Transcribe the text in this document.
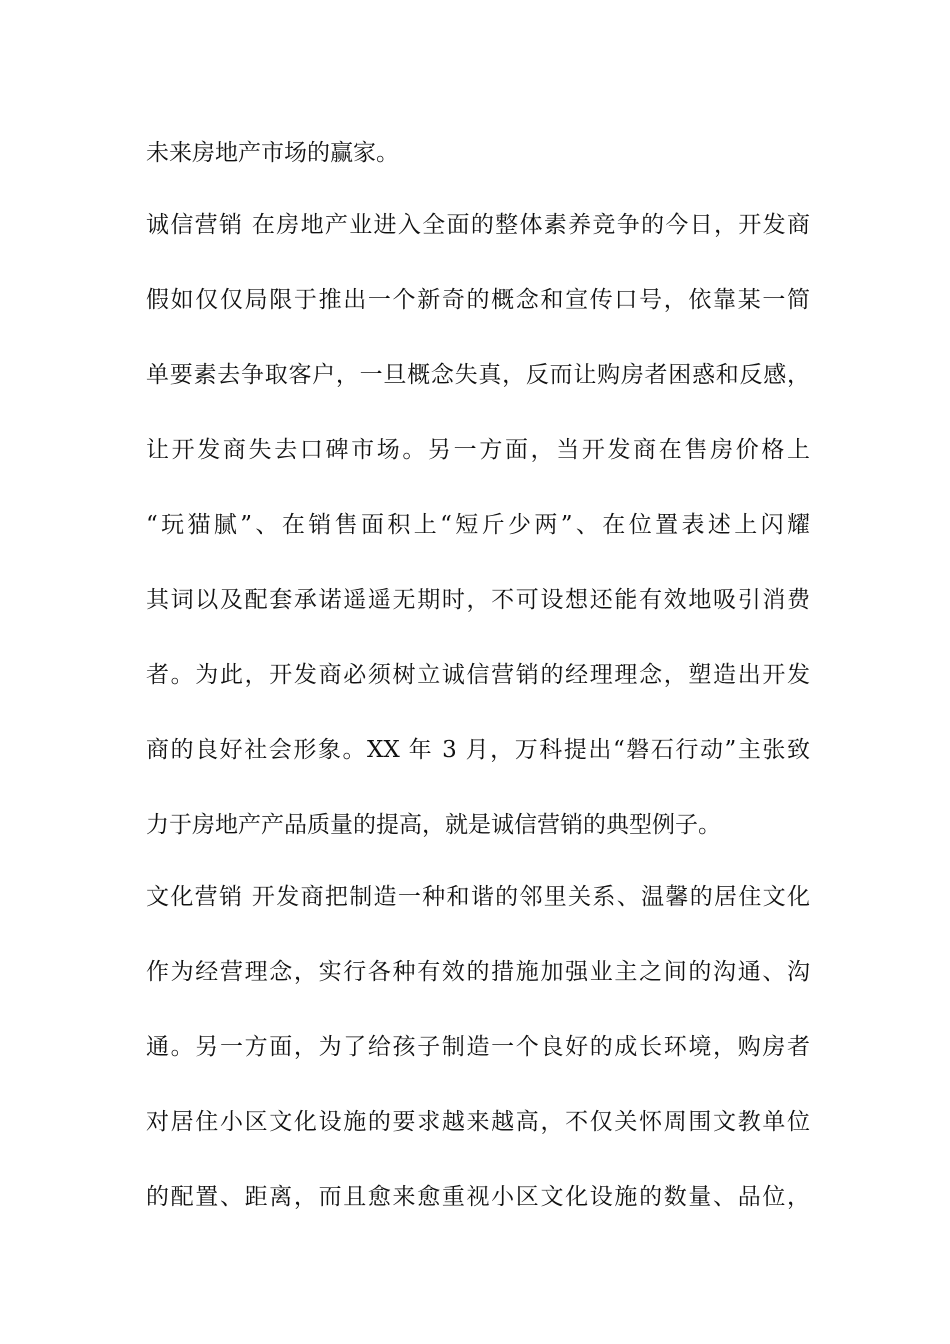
未来房地产市场的赢家。
诚信营销 在房地产业进入全面的整体素养竞争的今日，开发商
假如仅仅局限于推出一个新奇的概念和宣传口号，依靠某一简
单要素去争取客户，一旦概念失真，反而让购房者困惑和反感，
让开发商失去口碑市场。另一方面，当开发商在售房价格上
“玩猫腻”、在销售面积上“短斤少两”、在位置表述上闪耀
其词以及配套承诺遥遥无期时，不可设想还能有效地吸引消费
者。为此，开发商必须树立诚信营销的经理理念，塑造出开发
商的良好社会形象。XX 年 3 月，万科提出“磐石行动”主张致
力于房地产产品质量的提高，就是诚信营销的典型例子。
文化营销 开发商把制造一种和谐的邻里关系、温馨的居住文化
作为经营理念，实行各种有效的措施加强业主之间的沟通、沟
通。另一方面，为了给孩子制造一个良好的成长环境，购房者
对居住小区文化设施的要求越来越高，不仅关怀周围文教单位
的配置、距离，而且愈来愈重视小区文化设施的数量、品位，
